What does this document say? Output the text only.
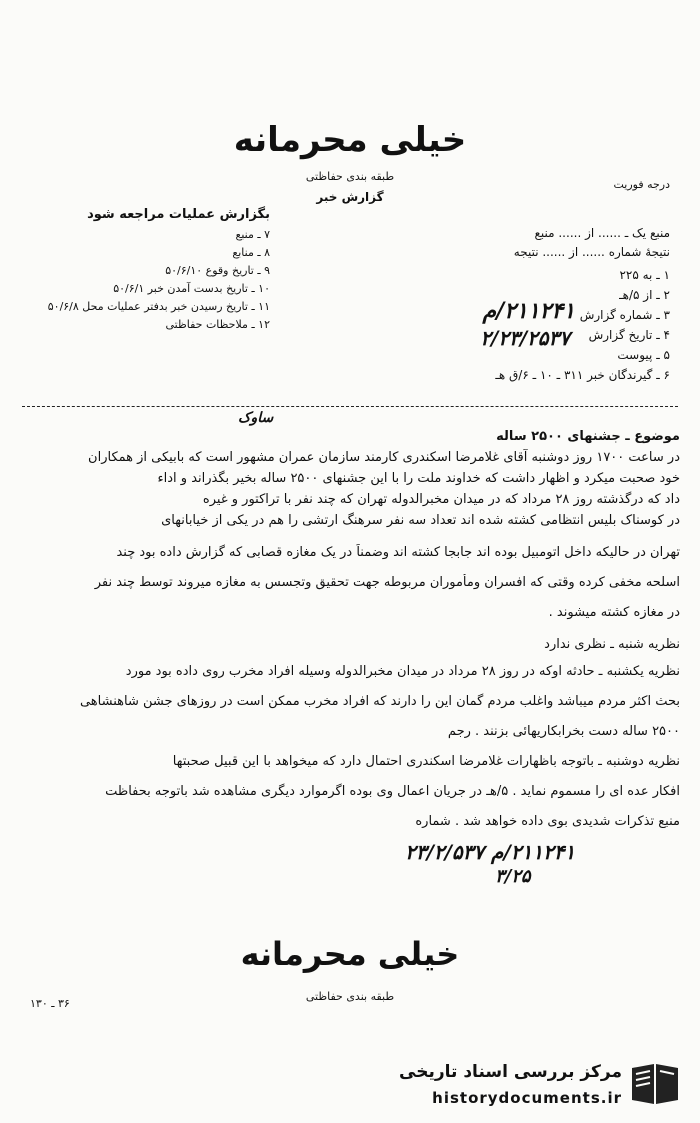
خیلی محرمانه
طبقه بندی حفاظتی
گزارش خبر
درجه فوریت
منبع یک ـ ...... از ...... منبع
نتیجهٔ شماره ...... از ...... نتیجه
۱ ـ به ۲۲۵
۲ ـ از ۵/هـ
۳ ـ شماره گزارش
۴ ـ تاریخ گزارش
۵ ـ پیوست
۶ ـ گیرندگان خبر ۳۱۱ ـ ۱۰ ـ ۶/ق هـ
۲۱۱۲۴۱/م
۲/۲۳/۲۵۳۷
بگزارش عملیات مراجعه شود
۷ ـ منبع
۸ ـ منابع
۹ ـ تاریخ وقوع ۵۰/۶/۱۰
۱۰ ـ تاریخ بدست آمدن خبر ۵۰/۶/۱
۱۱ ـ تاریخ رسیدن خبر بدفتر عملیات محل ۵۰/۶/۸
۱۲ ـ ملاحظات حفاظتی
ساوک
موضوع ـ جشنهای ۲۵۰۰ ساله
در ساعت ۱۷۰۰ روز دوشنبه آقای غلامرضا اسکندری کارمند سازمان عمران مشهور است که بابیکی از همکاران
خود صحبت میکرد و اظهار داشت که خداوند ملت را با این جشنهای ۲۵۰۰ ساله بخیر بگذراند و اداء
داد که درگذشته روز ۲۸ مرداد که در میدان مخبرالدوله تهران که چند نفر با تراکتور و غیره
در کوسناک بلیس انتظامی کشته شده اند تعداد سه نفر سرهنگ ارتشی را هم در یکی از خیابانهای
تهران در حالیکه داخل اتومبیل بوده اند جابجا کشته اند وضمناً در یک مغازه قصابی که گزارش داده بود چند
اسلحه مخفی کرده وقتی که افسران ومأموران مربوطه جهت تحقیق وتجسس به مغازه میروند توسط چند نفر
در مغازه کشته میشوند .
نظریه شنبه ـ نظری ندارد
نظریه یکشنبه ـ حادثه اوکه در روز ۲۸ مرداد در میدان مخبرالدوله وسیله افراد مخرب روی داده بود مورد
بحث اکثر مردم میباشد واغلب مردم گمان این را دارند که افراد مخرب ممکن است در روزهای جشن شاهنشاهی
۲۵۰۰ ساله دست بخرابکاریهائی بزنند . رجم
نظریه دوشنبه ـ باتوجه باظهارات غلامرضا اسکندری احتمال دارد که میخواهد با این قبیل صحبتها
افکار عده ای را مسموم نماید . ۵/هـ در جریان اعمال وی بوده اگرموارد دیگری مشاهده شد باتوجه بحفاظت
منبع تذکرات شدیدی بوی داده خواهد شد . شماره
۲۱۱۲۴۱/م ۲۳/۲/۵۳۷
۳/۲۵
خیلی محرمانه
طبقه بندی حفاظتی
۳۶ ـ ۱۳۰
مرکز بررسی اسناد تاریخی
historydocuments.ir
